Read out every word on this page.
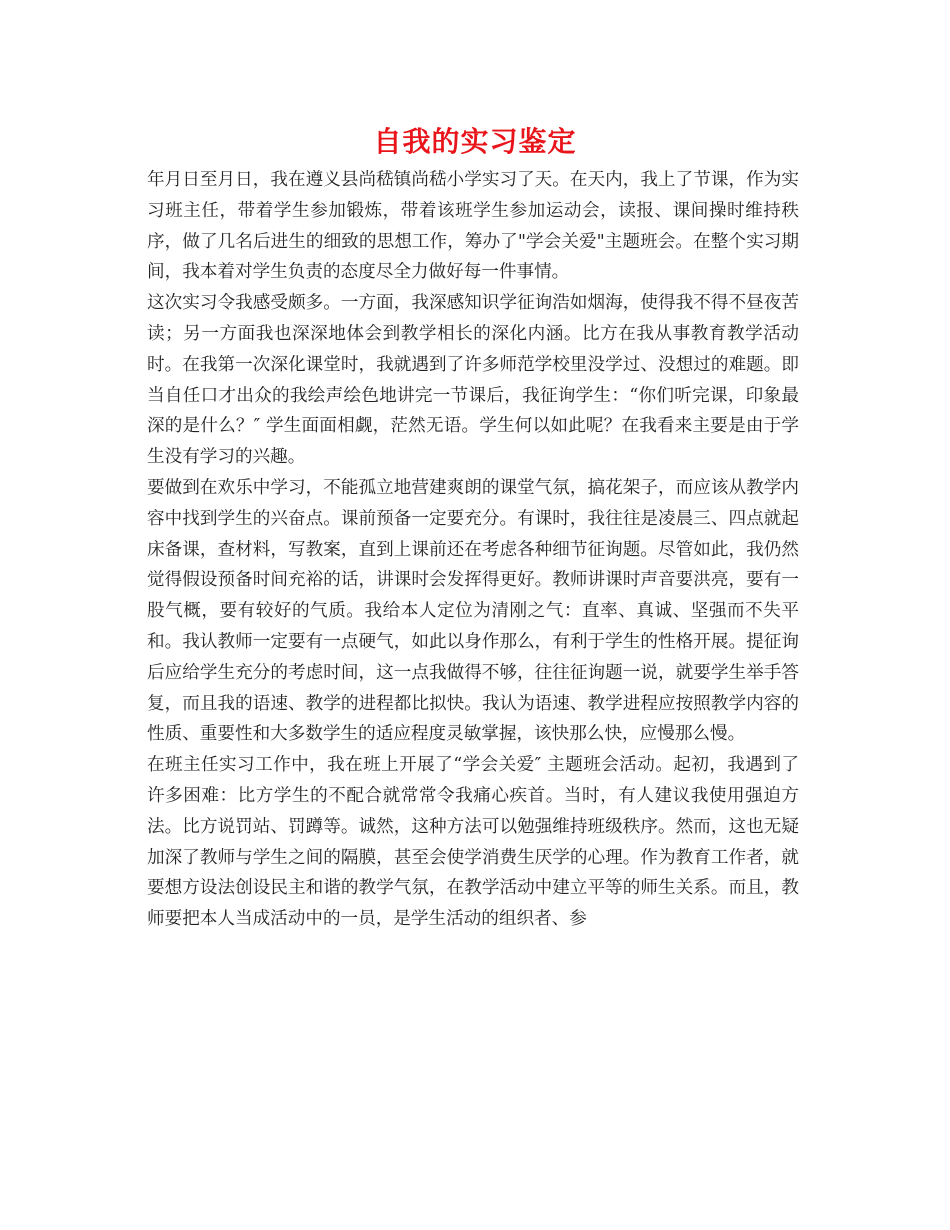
自我的实习鉴定

年月日至月日，我在遵义县尚嵇镇尚嵇小学实习了天。在天内，我上了节课，作为实习班主任，带着学生参加锻炼，带着该班学生参加运动会，读报、课间操时维持秩序，做了几名后进生的细致的思想工作，筹办了"学会关爱"主题班会。在整个实习期间，我本着对学生负责的态度尽全力做好每一件事情。

这次实习令我感受颇多。一方面，我深感知识学征询浩如烟海，使得我不得不昼夜苦读；另一方面我也深深地体会到教学相长的深化内涵。比方在我从事教育教学活动时。在我第一次深化课堂时，我就遇到了许多师范学校里没学过、没想过的难题。即当自任口才出众的我绘声绘色地讲完一节课后，我征询学生：“你们听完课，印象最深的是什么？″ 学生面面相觑，茫然无语。学生何以如此呢？在我看来主要是由于学生没有学习的兴趣。

要做到在欢乐中学习，不能孤立地营建爽朗的课堂气氛，搞花架子，而应该从教学内容中找到学生的兴奋点。课前预备一定要充分。有课时，我往往是凌晨三、四点就起床备课，查材料，写教案，直到上课前还在考虑各种细节征询题。尽管如此，我仍然觉得假设预备时间充裕的话，讲课时会发挥得更好。教师讲课时声音要洪亮，要有一股气概，要有较好的气质。我给本人定位为清刚之气：直率、真诚、坚强而不失平和。我认教师一定要有一点硬气，如此以身作那么，有利于学生的性格开展。提征询后应给学生充分的考虑时间，这一点我做得不够，往往征询题一说，就要学生举手答复，而且我的语速、教学的进程都比拟快。我认为语速、教学进程应按照教学内容的性质、重要性和大多数学生的适应程度灵敏掌握，该快那么快，应慢那么慢。

在班主任实习工作中，我在班上开展了“学会关爱″ 主题班会活动。起初，我遇到了许多困难：比方学生的不配合就常常令我痛心疾首。当时，有人建议我使用强迫方法。比方说罚站、罚蹲等。诚然，这种方法可以勉强维持班级秩序。然而，这也无疑加深了教师与学生之间的隔膜，甚至会使学消费生厌学的心理。作为教育工作者，就要想方设法创设民主和谐的教学气氛，在教学活动中建立平等的师生关系。而且，教师要把本人当成活动中的一员，是学生活动的组织者、参
